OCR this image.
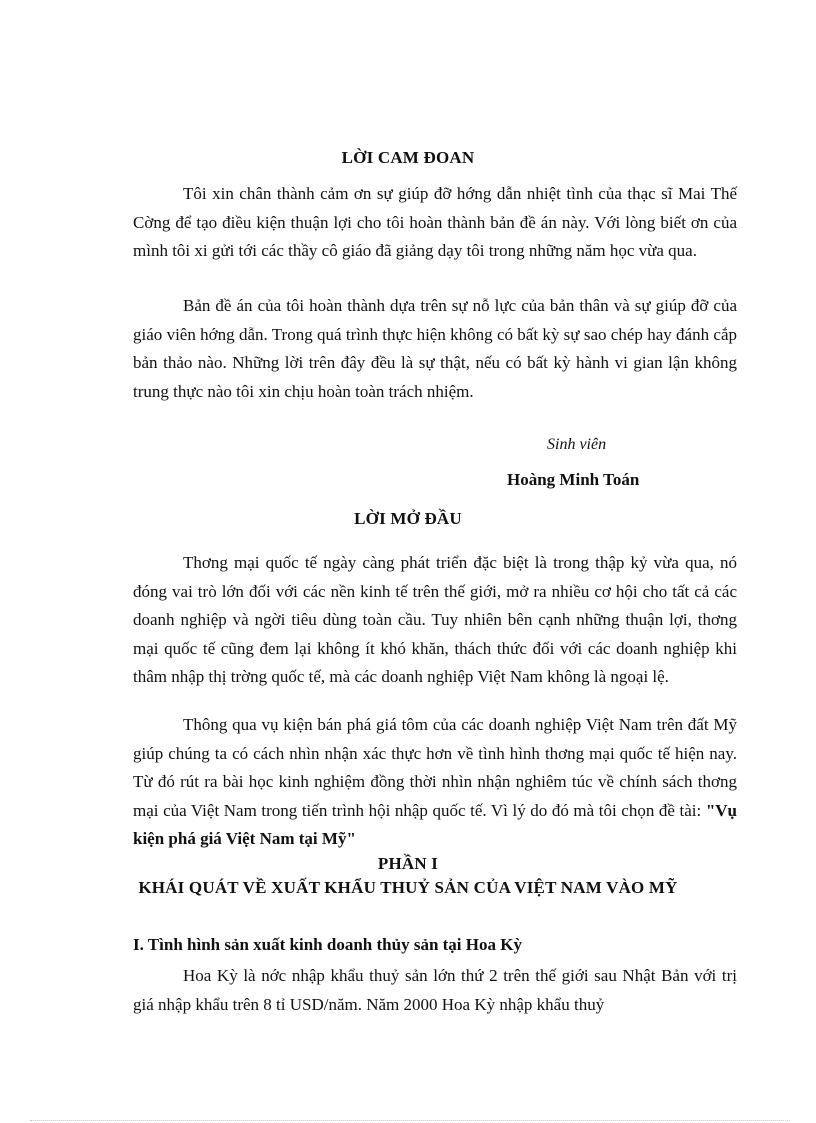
LỜI CAM ĐOAN

Tôi xin chân thành cảm ơn sự giúp đỡ hớng dẫn nhiệt tình của thạc sĩ Mai Thế Cờng để tạo điều kiện thuận lợi cho tôi hoàn thành bản đề án này. Với lòng biết ơn của mình tôi xi gửi tới các thầy cô giáo đã giảng dạy tôi trong những năm học vừa qua.

Bản đề án của tôi hoàn thành dựa trên sự nỗ lực của bản thân và sự giúp đỡ của giáo viên hớng dẫn. Trong quá trình thực hiện không có bất kỳ sự sao chép hay đánh cắp bản thảo nào. Những lời trên đây đều là sự thật, nếu có bất kỳ hành vi gian lận không trung thực nào tôi xin chịu hoàn toàn trách nhiệm.

Sinh viên
Hoàng Minh Toán
LỜI MỞ ĐẦU

Thơng mại quốc tế ngày càng phát triển đặc biệt là trong thập kỷ vừa qua, nó đóng vai trò lớn đối với các nền kinh tế trên thế giới, mở ra nhiều cơ hội cho tất cả các doanh nghiệp và ngời tiêu dùng toàn cầu. Tuy nhiên bên cạnh những thuận lợi, thơng mại quốc tế cũng đem lại không ít khó khăn, thách thức đối với các doanh nghiệp khi thâm nhập thị trờng quốc tế, mà các doanh nghiệp Việt Nam không là ngoại lệ.

Thông qua vụ kiện bán phá giá tôm của các doanh nghiệp Việt Nam trên đất Mỹ giúp chúng ta có cách nhìn nhận xác thực hơn về tình hình thơng mại quốc tế hiện nay. Từ đó rút ra bài học kinh nghiệm đồng thời nhìn nhận nghiêm túc về chính sách thơng mại của Việt Nam trong tiến trình hội nhập quốc tế. Vì lý do đó mà tôi chọn đề tài: "Vụ kiện phá giá Việt Nam tại Mỹ"

PHẦN I
KHÁI QUÁT VỀ XUẤT KHẨU THUỶ SẢN CỦA VIỆT NAM VÀO MỸ
I. Tình hình sản xuất kinh doanh thủy sản tại Hoa Kỳ

Hoa Kỳ là nớc nhập khẩu thuỷ sản lớn thứ 2 trên thế giới sau Nhật Bản với trị giá nhập khẩu trên 8 tỉ USD/năm. Năm 2000 Hoa Kỳ nhập khẩu thuỷ
